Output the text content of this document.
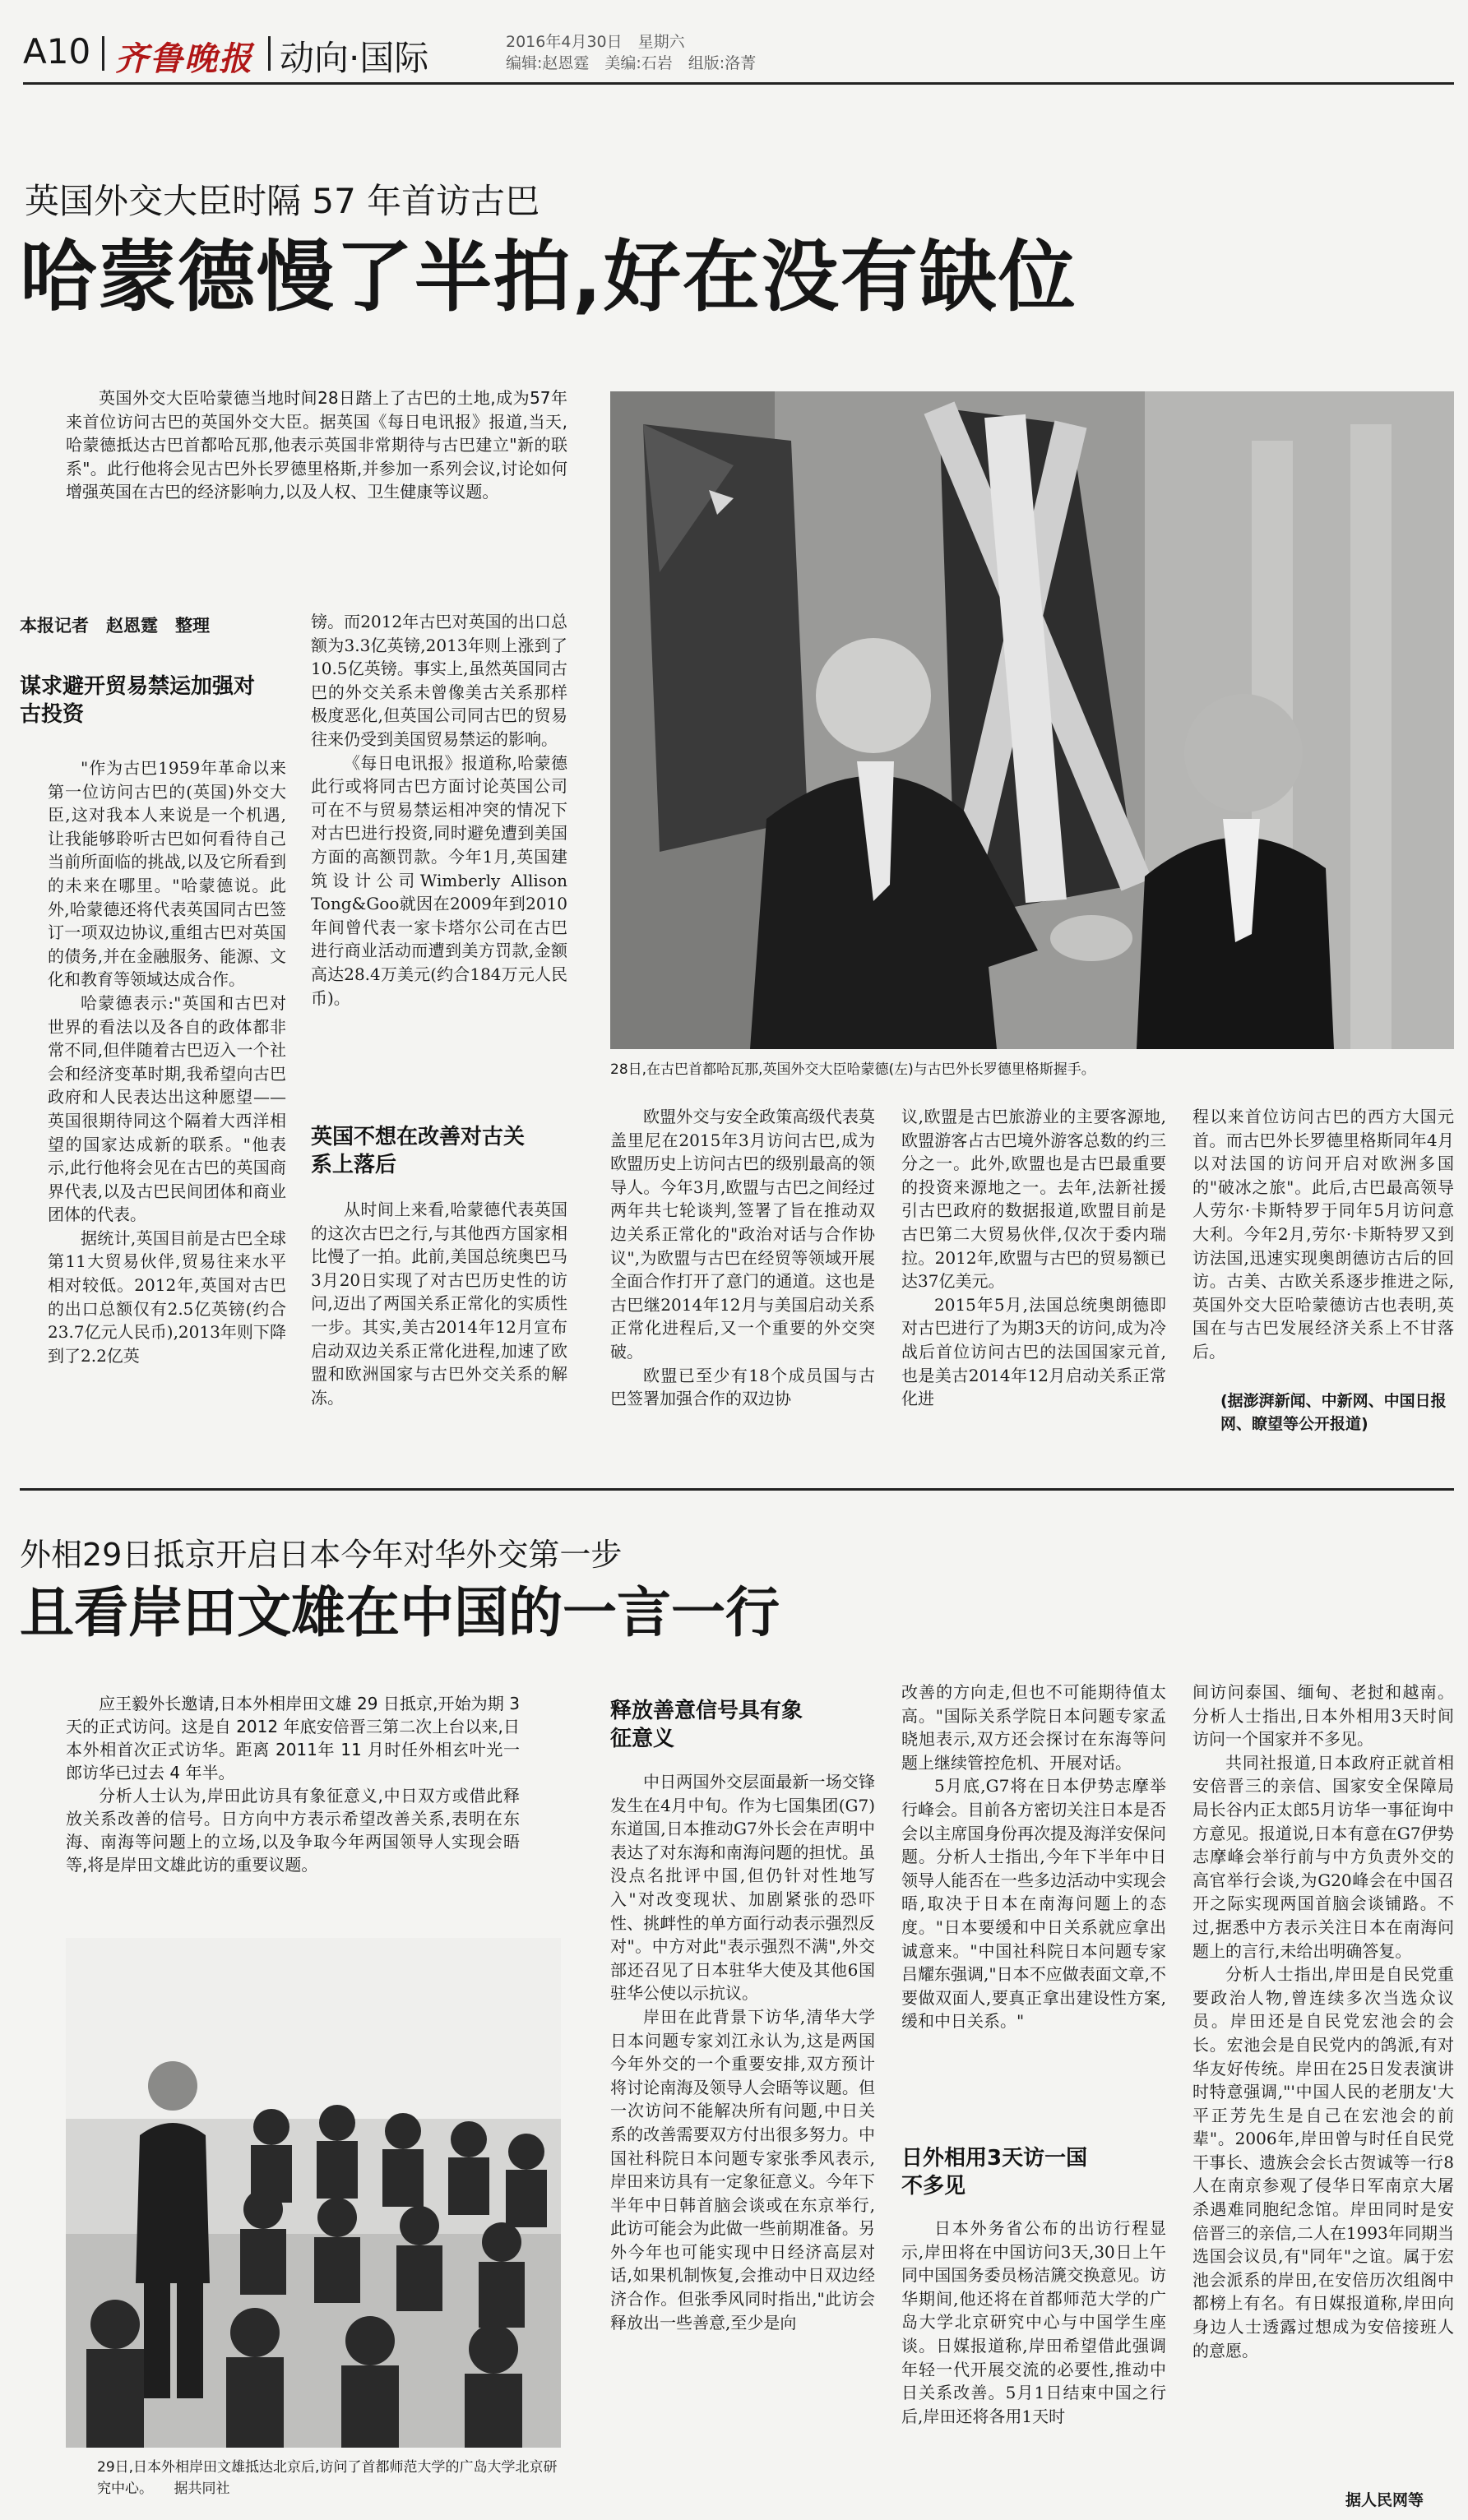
A10 齐鲁晚报 动向·国际	2016年4月30日　星期六
编辑:赵恩霆　美编:石岩　组版:洛菁
英国外交大臣时隔 57 年首访古巴
哈蒙德慢了半拍,好在没有缺位
英国外交大臣哈蒙德当地时间28日踏上了古巴的土地,成为57年来首位访问古巴的英国外交大臣。据英国《每日电讯报》报道,当天,哈蒙德抵达古巴首都哈瓦那,他表示英国非常期待与古巴建立"新的联系"。此行他将会见古巴外长罗德里格斯,并参加一系列会议,讨论如何增强英国在古巴的经济影响力,以及人权、卫生健康等议题。
本报记者　赵恩霆　整理
谋求避开贸易禁运加强对古投资

"作为古巴1959年革命以来第一位访问古巴的(英国)外交大臣,这对我本人来说是一个机遇,让我能够聆听古巴如何看待自己当前所面临的挑战,以及它所看到的未来在哪里。"哈蒙德说。此外,哈蒙德还将代表英国同古巴签订一项双边协议,重组古巴对英国的债务,并在金融服务、能源、文化和教育等领域达成合作。

哈蒙德表示:"英国和古巴对世界的看法以及各自的政体都非常不同,但伴随着古巴迈入一个社会和经济变革时期,我希望向古巴政府和人民表达出这种愿望——英国很期待同这个隔着大西洋相望的国家达成新的联系。"他表示,此行他将会见在古巴的英国商界代表,以及古巴民间团体和商业团体的代表。

据统计,英国目前是古巴全球第11大贸易伙伴,贸易往来水平相对较低。2012年,英国对古巴的出口总额仅有2.5亿英镑(约合23.7亿元人民币),2013年则下降到了2.2亿英

镑。而2012年古巴对英国的出口总额为3.3亿英镑,2013年则上涨到了10.5亿英镑。事实上,虽然英国同古巴的外交关系未曾像美古关系那样极度恶化,但英国公司同古巴的贸易往来仍受到美国贸易禁运的影响。

《每日电讯报》报道称,哈蒙德此行或将同古巴方面讨论英国公司可在不与贸易禁运相冲突的情况下对古巴进行投资,同时避免遭到美国方面的高额罚款。今年1月,英国建筑设计公司Wimberly Allison Tong&Goo就因在2009年到2010年间曾代表一家卡塔尔公司在古巴进行商业活动而遭到美方罚款,金额高达28.4万美元(约合184万元人民币)。

英国不想在改善对古关系上落后

从时间上来看,哈蒙德代表英国的这次古巴之行,与其他西方国家相比慢了一拍。此前,美国总统奥巴马3月20日实现了对古巴历史性的访问,迈出了两国关系正常化的实质性一步。其实,美古2014年12月宣布启动双边关系正常化进程,加速了欧盟和欧洲国家与古巴外交关系的解冻。

28日,在古巴首都哈瓦那,英国外交大臣哈蒙德(左)与古巴外长罗德里格斯握手。

欧盟外交与安全政策高级代表莫盖里尼在2015年3月访问古巴,成为欧盟历史上访问古巴的级别最高的领导人。今年3月,欧盟与古巴之间经过两年共七轮谈判,签署了旨在推动双边关系正常化的"政治对话与合作协议",为欧盟与古巴在经贸等领域开展全面合作打开了意门的通道。这也是古巴继2014年12月与美国启动关系正常化进程后,又一个重要的外交突破。

欧盟已至少有18个成员国与古巴签署加强合作的双边协

议,欧盟是古巴旅游业的主要客源地,欧盟游客占古巴境外游客总数的约三分之一。此外,欧盟也是古巴最重要的投资来源地之一。去年,法新社援引古巴政府的数据报道,欧盟目前是古巴第二大贸易伙伴,仅次于委内瑞拉。2012年,欧盟与古巴的贸易额已达37亿美元。

2015年5月,法国总统奥朗德即对古巴进行了为期3天的访问,成为冷战后首位访问古巴的法国国家元首,也是美古2014年12月启动关系正常化进

程以来首位访问古巴的西方大国元首。而古巴外长罗德里格斯同年4月以对法国的访问开启对欧洲多国的"破冰之旅"。此后,古巴最高领导人劳尔·卡斯特罗于同年5月访问意大利。今年2月,劳尔·卡斯特罗又到访法国,迅速实现奥朗德访古后的回访。古美、古欧关系逐步推进之际,英国外交大臣哈蒙德访古也表明,英国在与古巴发展经济关系上不甘落后。

(据澎湃新闻、中新网、中国日报网、瞭望等公开报道)
外相29日抵京开启日本今年对华外交第一步
且看岸田文雄在中国的一言一行

应王毅外长邀请,日本外相岸田文雄 29 日抵京,开始为期 3 天的正式访问。这是自 2012 年底安倍晋三第二次上台以来,日本外相首次正式访华。距离 2011年 11 月时任外相玄叶光一郎访华已过去 4 年半。

分析人士认为,岸田此访具有象征意义,中日双方或借此释放关系改善的信号。日方向中方表示希望改善关系,表明在东海、南海等问题上的立场,以及争取今年两国领导人实现会晤等,将是岸田文雄此访的重要议题。

29日,日本外相岸田文雄抵达北京后,访问了首都师范大学的广岛大学北京研究中心。　　据共同社
释放善意信号具有象征意义

中日两国外交层面最新一场交锋发生在4月中旬。作为七国集团(G7)东道国,日本推动G7外长会在声明中表达了对东海和南海问题的担忧。虽没点名批评中国,但仍针对性地写入"对改变现状、加剧紧张的恐吓性、挑衅性的单方面行动表示强烈反对"。中方对此"表示强烈不满",外交部还召见了日本驻华大使及其他6国驻华公使以示抗议。

岸田在此背景下访华,清华大学日本问题专家刘江永认为,这是两国今年外交的一个重要安排,双方预计将讨论南海及领导人会晤等议题。但一次访问不能解决所有问题,中日关系的改善需要双方付出很多努力。中国社科院日本问题专家张季风表示,岸田来访具有一定象征意义。今年下半年中日韩首脑会谈或在东京举行,此访可能会为此做一些前期准备。另外今年也可能实现中日经济高层对话,如果机制恢复,会推动中日双边经济合作。但张季风同时指出,"此访会释放出一些善意,至少是向

改善的方向走,但也不可能期待值太高。"国际关系学院日本问题专家孟晓旭表示,双方还会探讨在东海等问题上继续管控危机、开展对话。

5月底,G7将在日本伊势志摩举行峰会。目前各方密切关注日本是否会以主席国身份再次提及海洋安保问题。分析人士指出,今年下半年中日领导人能否在一些多边活动中实现会晤,取决于日本在南海问题上的态度。"日本要缓和中日关系就应拿出诚意来。"中国社科院日本问题专家吕耀东强调,"日本不应做表面文章,不要做双面人,要真正拿出建设性方案,缓和中日关系。"

日外相用3天访一国不多见

日本外务省公布的出访行程显示,岸田将在中国访问3天,30日上午同中国国务委员杨洁篪交换意见。访华期间,他还将在首都师范大学的广岛大学北京研究中心与中国学生座谈。日媒报道称,岸田希望借此强调年轻一代开展交流的必要性,推动中日关系改善。5月1日结束中国之行后,岸田还将各用1天时

间访问泰国、缅甸、老挝和越南。分析人士指出,日本外相用3天时间访问一个国家并不多见。

共同社报道,日本政府正就首相安倍晋三的亲信、国家安全保障局局长谷内正太郎5月访华一事征询中方意见。报道说,日本有意在G7伊势志摩峰会举行前与中方负责外交的高官举行会谈,为G20峰会在中国召开之际实现两国首脑会谈铺路。不过,据悉中方表示关注日本在南海问题上的言行,未给出明确答复。

分析人士指出,岸田是自民党重要政治人物,曾连续多次当选众议员。岸田还是自民党宏池会的会长。宏池会是自民党内的鸽派,有对华友好传统。岸田在25日发表演讲时特意强调,"'中国人民的老朋友'大平正芳先生是自己在宏池会的前辈"。2006年,岸田曾与时任自民党干事长、遗族会会长古贺诚等一行8人在南京参观了侵华日军南京大屠杀遇难同胞纪念馆。岸田同时是安倍晋三的亲信,二人在1993年同期当选国会议员,有"同年"之谊。属于宏池会派系的岸田,在安倍历次组阁中都榜上有名。有日媒报道称,岸田向身边人士透露过想成为安倍接班人的意愿。

据人民网等
